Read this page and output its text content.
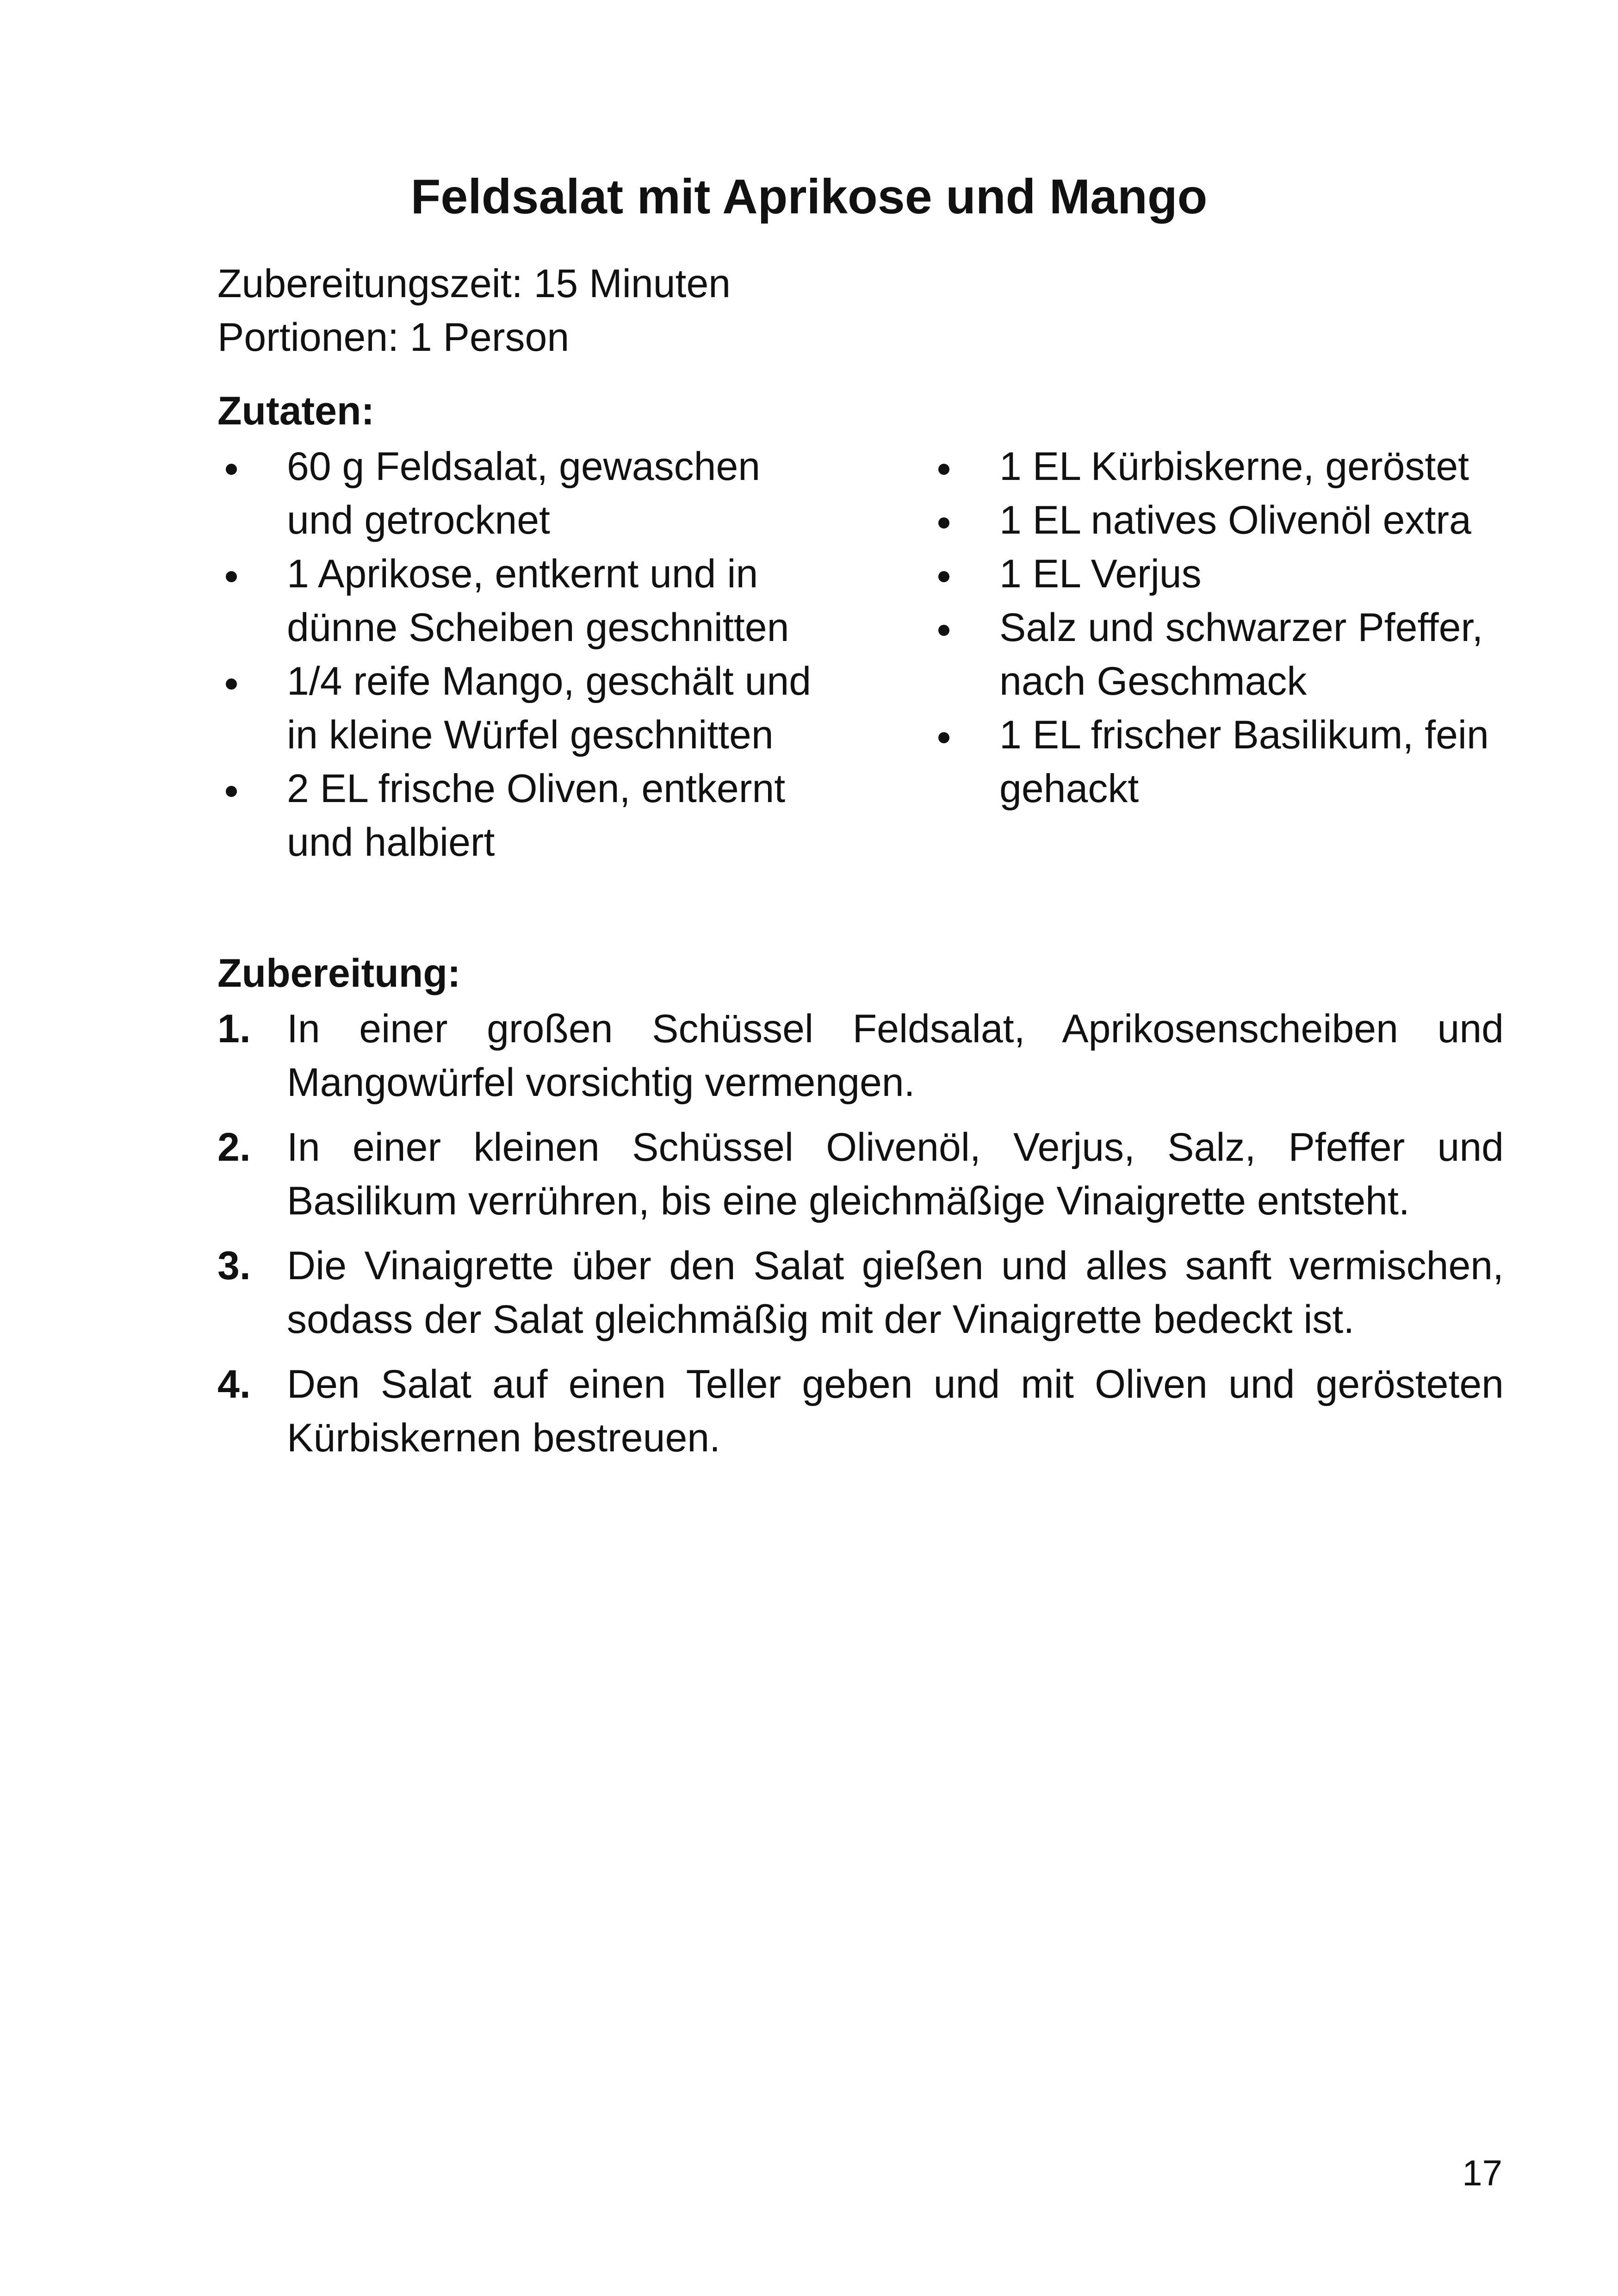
Feldsalat mit Aprikose und Mango
Zubereitungszeit: 15 Minuten
Portionen: 1 Person
Zutaten:
60 g Feldsalat, gewaschen und getrocknet
1 Aprikose, entkernt und in dünne Scheiben geschnitten
1/4 reife Mango, geschält und in kleine Würfel geschnitten
2 EL frische Oliven, entkernt und halbiert
1 EL Kürbiskerne, geröstet
1 EL natives Olivenöl extra
1 EL Verjus
Salz und schwarzer Pfeffer, nach Geschmack
1 EL frischer Basilikum, fein gehackt
Zubereitung:
1. In einer großen Schüssel Feldsalat, Aprikosenscheiben und Mangowürfel vorsichtig vermengen.
2. In einer kleinen Schüssel Olivenöl, Verjus, Salz, Pfeffer und Basilikum verrühren, bis eine gleichmäßige Vinaigrette entsteht.
3. Die Vinaigrette über den Salat gießen und alles sanft vermischen, sodass der Salat gleichmäßig mit der Vinaigrette bedeckt ist.
4. Den Salat auf einen Teller geben und mit Oliven und gerösteten Kürbiskernen bestreuen.
17
